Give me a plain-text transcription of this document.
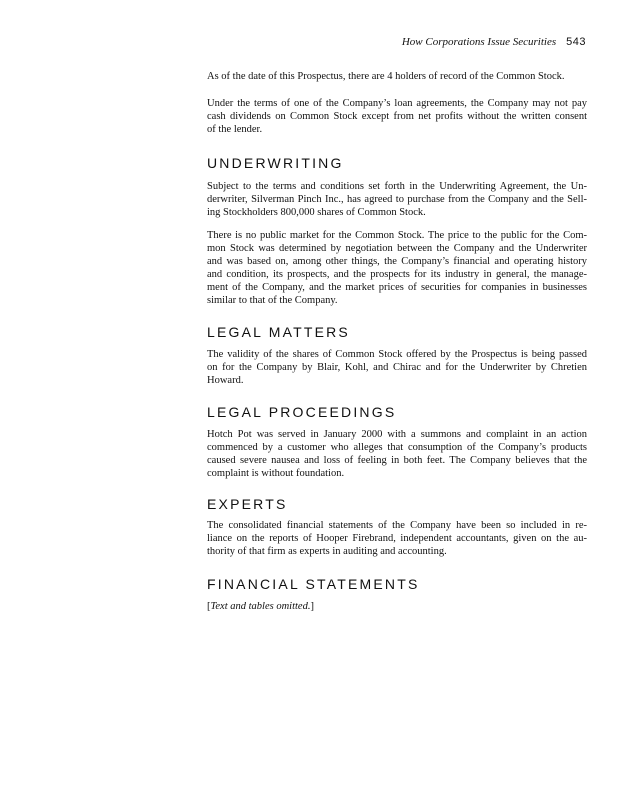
How Corporations Issue Securities 543
As of the date of this Prospectus, there are 4 holders of record of the Common Stock.
Under the terms of one of the Company’s loan agreements, the Company may not pay
cash dividends on Common Stock except from net profits without the written consent
of the lender.
UNDERWRITING
Subject to the terms and conditions set forth in the Underwriting Agreement, the Un-
derwriter, Silverman Pinch Inc., has agreed to purchase from the Company and the Sell-
ing Stockholders 800,000 shares of Common Stock.
There is no public market for the Common Stock. The price to the public for the Com-
mon Stock was determined by negotiation between the Company and the Underwriter
and was based on, among other things, the Company’s financial and operating history
and condition, its prospects, and the prospects for its industry in general, the manage-
ment of the Company, and the market prices of securities for companies in businesses
similar to that of the Company.
LEGAL MATTERS
The validity of the shares of Common Stock offered by the Prospectus is being passed
on for the Company by Blair, Kohl, and Chirac and for the Underwriter by Chretien
Howard.
LEGAL PROCEEDINGS
Hotch Pot was served in January 2000 with a summons and complaint in an action
commenced by a customer who alleges that consumption of the Company’s products
caused severe nausea and loss of feeling in both feet. The Company believes that the
complaint is without foundation.
EXPERTS
The consolidated financial statements of the Company have been so included in re-
liance on the reports of Hooper Firebrand, independent accountants, given on the au-
thority of that firm as experts in auditing and accounting.
FINANCIAL STATEMENTS
[Text and tables omitted.]
